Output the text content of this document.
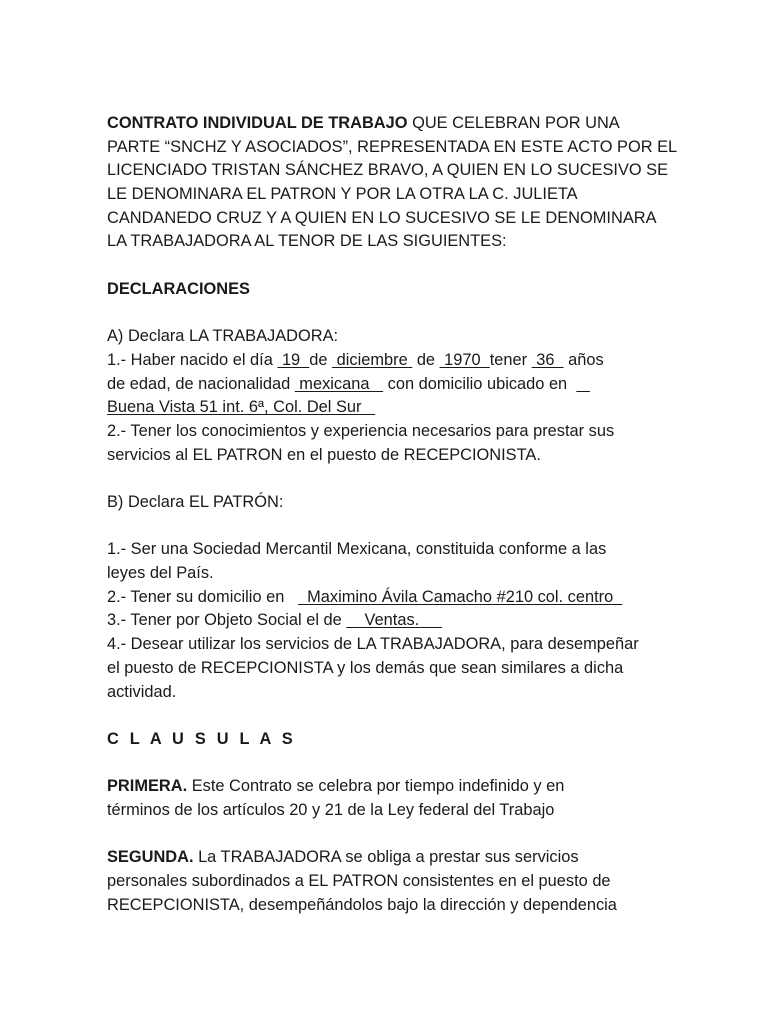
CONTRATO INDIVIDUAL DE TRABAJO QUE CELEBRAN POR UNA
PARTE “SNCHZ Y ASOCIADOS”, REPRESENTADA EN ESTE ACTO POR EL
LICENCIADO TRISTAN SÁNCHEZ BRAVO, A QUIEN EN LO SUCESIVO SE
LE DENOMINARA EL PATRON Y POR LA OTRA LA C. JULIETA
CANDANEDO CRUZ Y A QUIEN EN LO SUCESIVO SE LE DENOMINARA
LA TRABAJADORA AL TENOR DE LAS SIGUIENTES:
DECLARACIONES
A) Declara LA TRABAJADORA:
1.- Haber nacido el día  19  de  diciembre  de  1970  tener  36   años
de edad, de nacionalidad  mexicana    con domicilio ubicado en
Buena Vista 51 int. 6ª, Col. Del Sur
2.- Tener los conocimientos y experiencia necesarios para prestar sus
servicios al EL PATRON en el puesto de RECEPCIONISTA.
B) Declara EL PATRÓN:
1.- Ser una Sociedad Mercantil Mexicana, constituida conforme a las
leyes del País.
2.- Tener su domicilio en     Maximino Ávila Camacho #210 col. centro
3.- Tener por Objeto Social el de     Ventas.
4.- Desear utilizar los servicios de LA TRABAJADORA, para desempeñar
el puesto de RECEPCIONISTA y los demás que sean similares a dicha
actividad.
C L A U S U L A S
PRIMERA. Este Contrato se celebra por tiempo indefinido y en
términos de los artículos 20 y 21 de la Ley federal del Trabajo
SEGUNDA. La TRABAJADORA se obliga a prestar sus servicios
personales subordinados a EL PATRON consistentes en el puesto de
RECEPCIONISTA, desempeñándolos bajo la dirección y dependencia
